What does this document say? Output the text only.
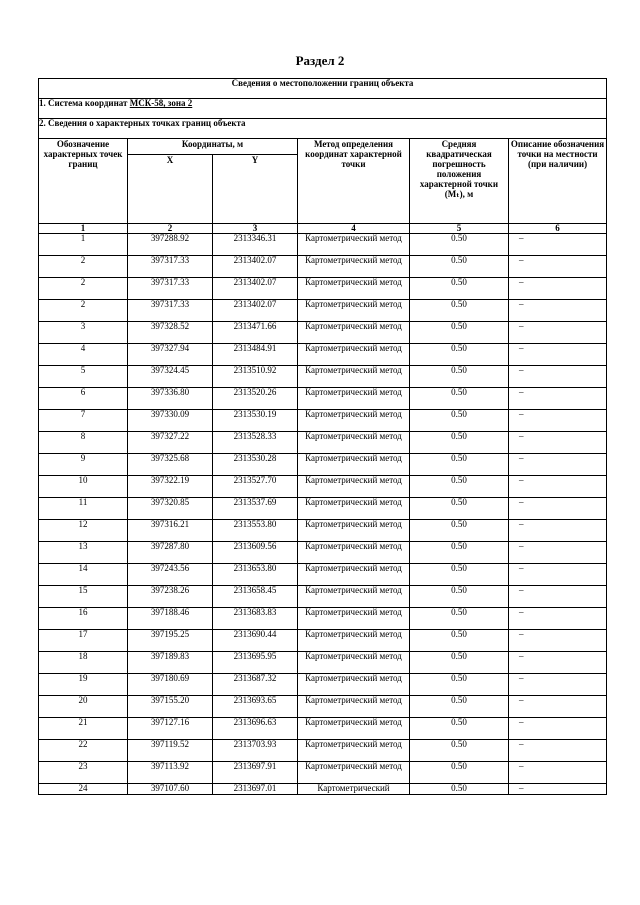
Раздел 2
Сведения о местоположении границ объекта					
1. Система координат МСК-58, зона 2					
2. Сведения о характерных точках границ объекта					
Обозначение характерных точек границ	Координаты, м		Метод определения координат характерной точки	Средняя квадратическая погрешность положения характерной точки (Mₜ), м	Описание обозначения точки на местности (при наличии)
	X	Y			
1	2	3	4	5	6
1	397288.92	2313346.31	Картометрический метод	0.50	–
2	397317.33	2313402.07	Картометрический метод	0.50	–
2	397317.33	2313402.07	Картометрический метод	0.50	–
2	397317.33	2313402.07	Картометрический метод	0.50	–
3	397328.52	2313471.66	Картометрический метод	0.50	–
4	397327.94	2313484.91	Картометрический метод	0.50	–
5	397324.45	2313510.92	Картометрический метод	0.50	–
6	397336.80	2313520.26	Картометрический метод	0.50	–
7	397330.09	2313530.19	Картометрический метод	0.50	–
8	397327.22	2313528.33	Картометрический метод	0.50	–
9	397325.68	2313530.28	Картометрический метод	0.50	–
10	397322.19	2313527.70	Картометрический метод	0.50	–
11	397320.85	2313537.69	Картометрический метод	0.50	–
12	397316.21	2313553.80	Картометрический метод	0.50	–
13	397287.80	2313609.56	Картометрический метод	0.50	–
14	397243.56	2313653.80	Картометрический метод	0.50	–
15	397238.26	2313658.45	Картометрический метод	0.50	–
16	397188.46	2313683.83	Картометрический метод	0.50	–
17	397195.25	2313690.44	Картометрический метод	0.50	–
18	397189.83	2313695.95	Картометрический метод	0.50	–
19	397180.69	2313687.32	Картометрический метод	0.50	–
20	397155.20	2313693.65	Картометрический метод	0.50	–
21	397127.16	2313696.63	Картометрический метод	0.50	–
22	397119.52	2313703.93	Картометрический метод	0.50	–
23	397113.92	2313697.91	Картометрический метод	0.50	–
24	397107.60	2313697.01	Картометрический	0.50	–
